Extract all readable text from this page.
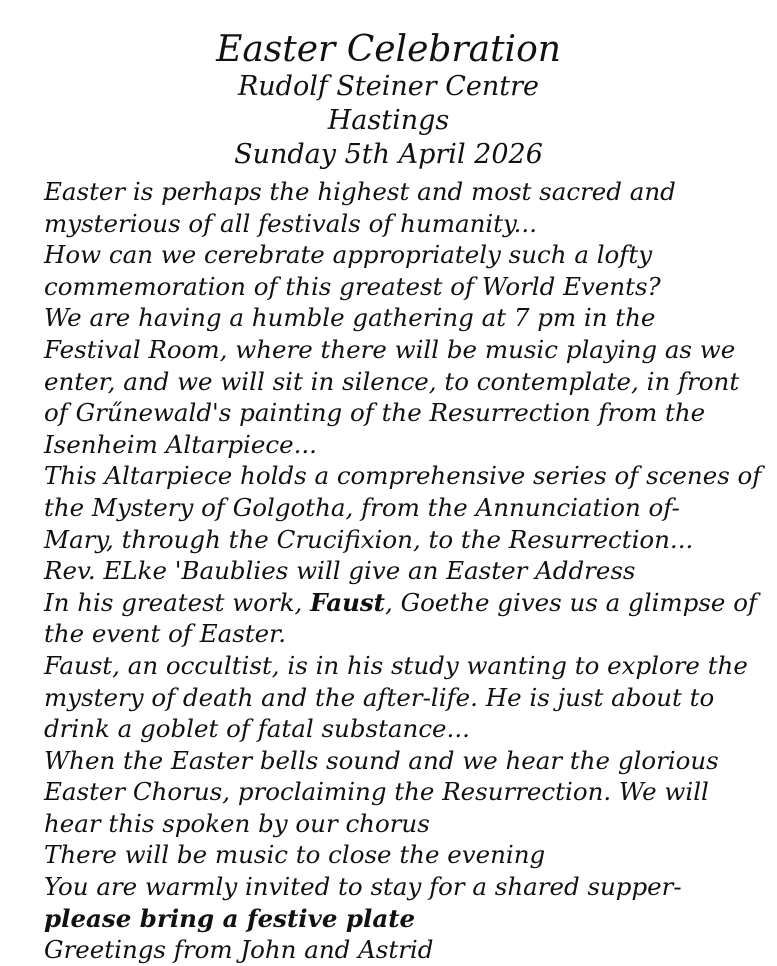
Easter Celebration
Rudolf Steiner Centre
Hastings
Sunday 5th April 2026
Easter is perhaps the highest and most sacred and
mysterious of all festivals of humanity...
How can we cerebrate appropriately such a lofty
commemoration of this greatest of World Events?
We are having a humble gathering at 7 pm in the
Festival Room, where there will be music playing as we
enter, and we will sit in silence, to contemplate, in front
of Grűnewald's painting of the Resurrection from the
Isenheim Altarpiece...
This Altarpiece holds a comprehensive series of scenes of
the Mystery of Golgotha, from the Annunciation of-
Mary, through the Crucifixion, to the Resurrection...
Rev. ELke 'Baublies will give an Easter Address
In his greatest work, Faust, Goethe gives us a glimpse of
the event of Easter.
Faust, an occultist, is in his study wanting to explore the
mystery of death and the after-life. He is just about to
drink a goblet of fatal substance...
When the Easter bells sound and we hear the glorious
Easter Chorus, proclaiming the Resurrection. We will
hear this spoken by our chorus
There will be music to close the evening
You are warmly invited to stay for a shared supper-
please bring a festive plate
Greetings from John and Astrid
